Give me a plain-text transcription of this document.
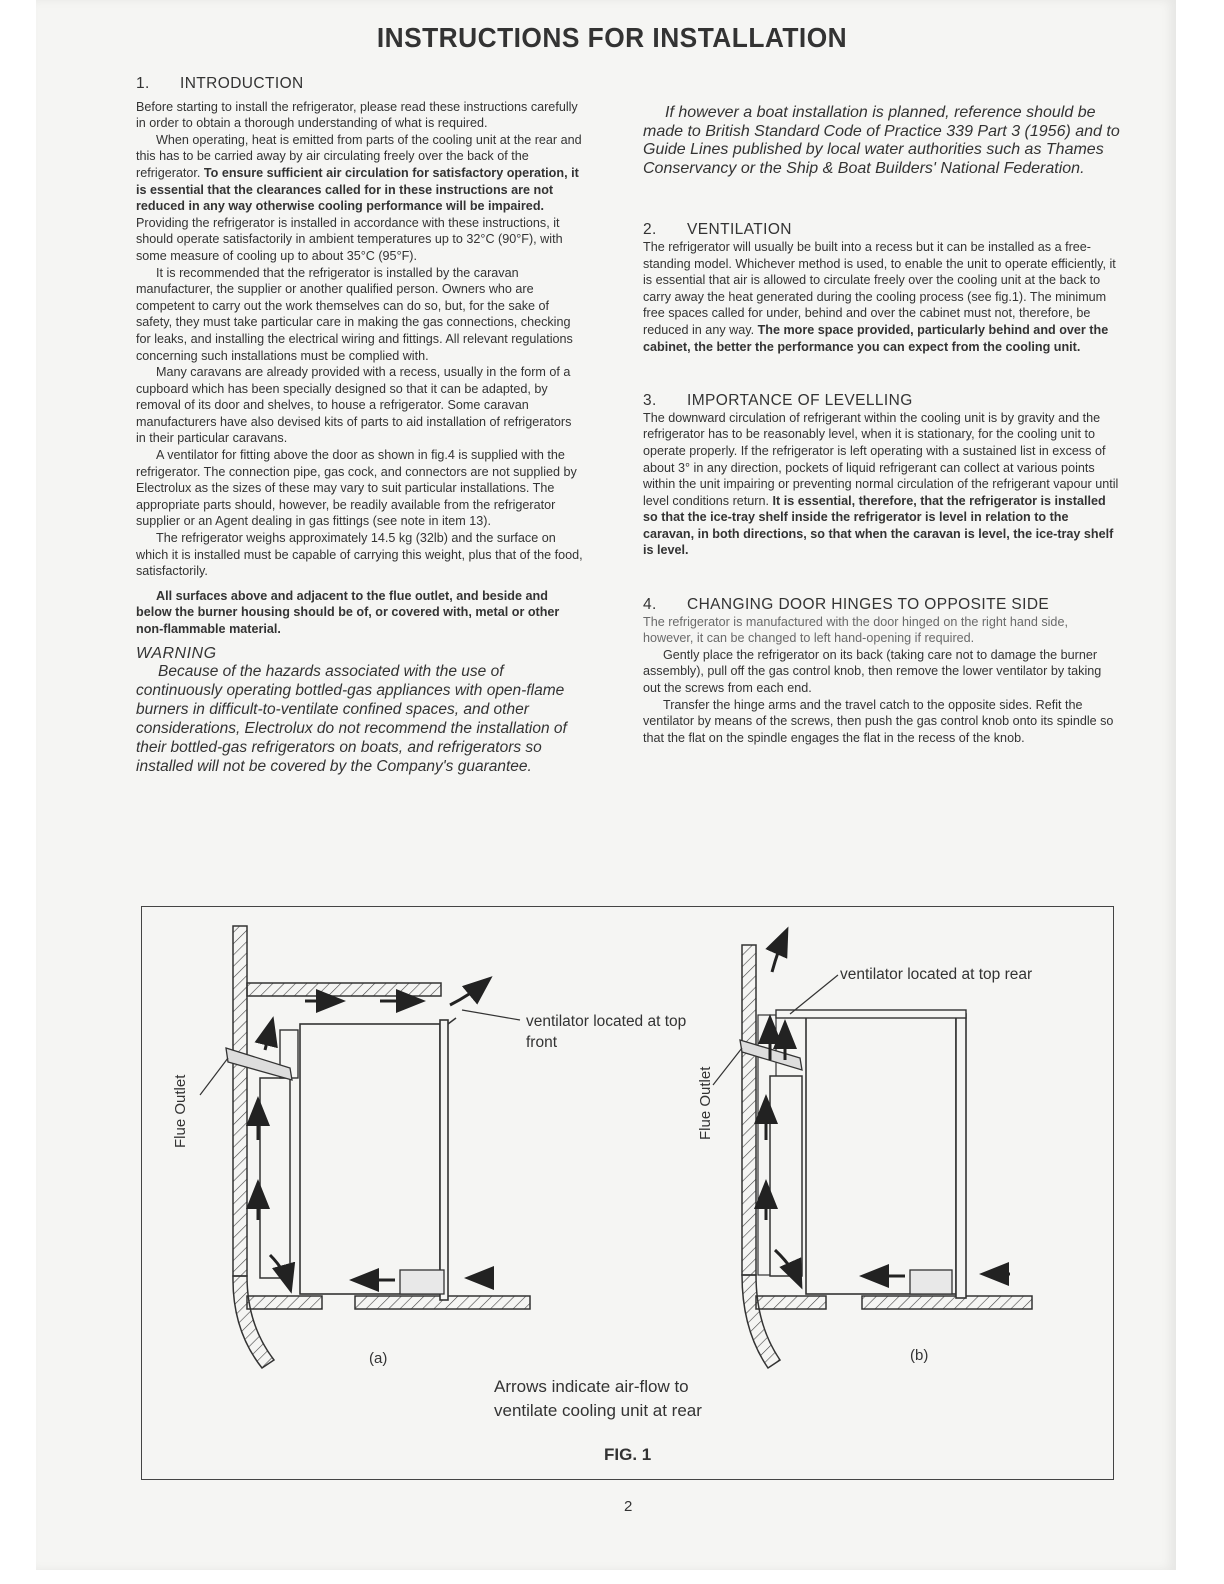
INSTRUCTIONS FOR INSTALLATION
1. INTRODUCTION

Before starting to install the refrigerator, please read these instructions carefully in order to obtain a thorough understanding of what is required.

When operating, heat is emitted from parts of the cooling unit at the rear and this has to be carried away by air circulating freely over the back of the refrigerator. To ensure sufficient air circulation for satisfactory operation, it is essential that the clearances called for in these instructions are not reduced in any way otherwise cooling performance will be impaired. Providing the refrigerator is installed in accordance with these instructions, it should operate satisfactorily in ambient temperatures up to 32°C (90°F), with some measure of cooling up to about 35°C (95°F).

It is recommended that the refrigerator is installed by the caravan manufacturer, the supplier or another qualified person. Owners who are competent to carry out the work themselves can do so, but, for the sake of safety, they must take particular care in making the gas connections, checking for leaks, and installing the electrical wiring and fittings. All relevant regulations concerning such installations must be complied with.

Many caravans are already provided with a recess, usually in the form of a cupboard which has been specially designed so that it can be adapted, by removal of its door and shelves, to house a refrigerator. Some caravan manufacturers have also devised kits of parts to aid installation of refrigerators in their particular caravans.

A ventilator for fitting above the door as shown in fig.4 is supplied with the refrigerator. The connection pipe, gas cock, and connectors are not supplied by Electrolux as the sizes of these may vary to suit particular installations. The appropriate parts should, however, be readily available from the refrigerator supplier or an Agent dealing in gas fittings (see note in item 13).

The refrigerator weighs approximately 14.5 kg (32lb) and the surface on which it is installed must be capable of carrying this weight, plus that of the food, satisfactorily.

All surfaces above and adjacent to the flue outlet, and beside and below the burner housing should be of, or covered with, metal or other non-flammable material.

WARNING

Because of the hazards associated with the use of continuously operating bottled-gas appliances with open-flame burners in difficult-to-ventilate confined spaces, and other considerations, Electrolux do not recommend the installation of their bottled-gas refrigerators on boats, and refrigerators so installed will not be covered by the Company's guarantee.

If however a boat installation is planned, reference should be made to British Standard Code of Practice 339 Part 3 (1956) and to Guide Lines published by local water authorities such as Thames Conservancy or the Ship & Boat Builders' National Federation.

2. VENTILATION

The refrigerator will usually be built into a recess but it can be installed as a free-standing model. Whichever method is used, to enable the unit to operate efficiently, it is essential that air is allowed to circulate freely over the cooling unit at the back to carry away the heat generated during the cooling process (see fig.1). The minimum free spaces called for under, behind and over the cabinet must not, therefore, be reduced in any way. The more space provided, particularly behind and over the cabinet, the better the performance you can expect from the cooling unit.

3. IMPORTANCE OF LEVELLING

The downward circulation of refrigerant within the cooling unit is by gravity and the refrigerator has to be reasonably level, when it is stationary, for the cooling unit to operate properly. If the refrigerator is left operating with a sustained list in excess of about 3° in any direction, pockets of liquid refrigerant can collect at various points within the unit impairing or preventing normal circulation of the refrigerant vapour until level conditions return. It is essential, therefore, that the refrigerator is installed so that the ice-tray shelf inside the refrigerator is level in relation to the caravan, in both directions, so that when the caravan is level, the ice-tray shelf is level.

4. CHANGING DOOR HINGES TO OPPOSITE SIDE

The refrigerator is manufactured with the door hinged on the right hand side, however, it can be changed to left hand-opening if required.

Gently place the refrigerator on its back (taking care not to damage the burner assembly), pull off the gas control knob, then remove the lower ventilator by taking out the screws from each end.

Transfer the hinge arms and the travel catch to the opposite sides. Refit the ventilator by means of the screws, then push the gas control knob onto its spindle so that the flat on the spindle engages the flat in the recess of the knob.

ventilator located at top front
ventilator located at top rear
Flue Outlet	Flue Outlet
(a)	(b)
Arrows indicate air-flow to
ventilate cooling unit at rear
FIG. 1
2
